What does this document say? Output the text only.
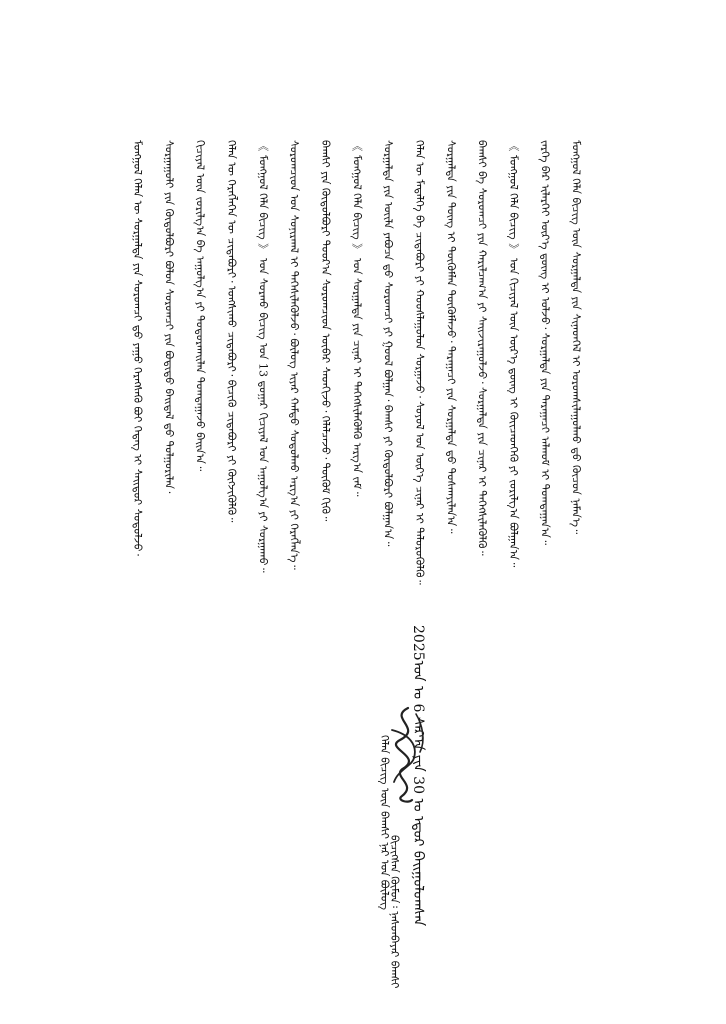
ᠮᠣᠩᠭᠣᠯ ᠬᠡᠯᠡᠨ ᠦ ᠰᠤᠷᠭᠠᠯᠲᠠ ᠶᠢᠨ ᠰᠤᠷᠤᠭᠴᠢ ᠳ᠋ᠤ ᠶᠠᠭᠤ ᠬᠡᠷᠡᠭᠰᠡᠬᠦ ᠪᠤᠢ ᠭᠡᠳᠡᠭ ᠢ ᠰᠠᠢᠲᠤᠷ ᠰᠤᠳᠤᠯᠵᠤ᠂ ᠰᠤᠷᠭᠠᠭᠤᠯᠢ ᠶᠢᠨ ᠬᠥᠲᠥᠯᠪᠦᠷᠢ ᠪᠣᠯᠤᠨ ᠰᠤᠷᠤᠭᠴᠢ ᠶᠢᠨ ᠪᠣᠳᠢᠲᠤ ᠪᠠᠢᠳᠠᠯ ᠳ᠋ᠤ ᠲᠤᠯᠭᠤᠷᠢᠯᠠᠨ᠂ ᠬᠢᠴᠢᠶᠡᠯ ᠦᠨ ᠵᠣᠷᠢᠯᠭ᠎ᠠ ᠪᠠ ᠠᠭᠤᠯᠭ᠎ᠠ ᠶᠢ ᠲᠣᠳᠤᠷᠬᠠᠢᠯᠠᠨ ᠲᠣᠭᠲᠠᠭᠠᠵᠤ ᠪᠠᠢᠨ᠎ᠠ᠃ ᠬᠡᠯᠡᠨ ᠦ ᠬᠡᠷᠡᠭᠯᠡᠭᠡᠨ ᠦ ᠴᠢᠳᠠᠪᠤᠷᠢ᠂ ᠤᠩᠰᠢᠬᠤ ᠴᠢᠳᠠᠪᠤᠷᠢ᠂ ᠪᠢᠴᠢᠬᠦ ᠴᠢᠳᠠᠪᠤᠷᠢ ᠶᠢ ᠬᠥᠭᠵᠢᠭᠦᠯᠬᠦ᠃ 《 ᠮᠣᠩᠭᠣᠯ ᠬᠡᠯᠡ ᠪᠢᠴᠢᠭ 》 ᠤᠨ ᠰᠤᠷᠬᠤ ᠪᠢᠴᠢᠭ ᠤᠨ 13 ᠳ᠋ᠤᠭᠠᠷ ᠬᠢᠴᠢᠶᠡᠯ ᠤᠨ ᠠᠭᠤᠯᠭ᠎ᠠ ᠶᠢ ᠰᠤᠷᠭᠠᠬᠤ᠃ ᠰᠤᠷᠤᠭᠴᠢᠳ ᠤᠨ ᠰᠣᠨᠢᠷᠬᠠᠯ ᠢ ᠳᠡᠭᠡᠰᠢᠯᠡᠭᠦᠯᠵᠦ᠂ ᠪᠦᠯᠦᠭ ᠢᠶᠡᠷ ᠬᠠᠮᠲᠤ ᠰᠤᠳᠤᠯᠬᠤ ᠠᠷᠭ᠎ᠠ ᠶᠢ ᠬᠡᠷᠡᠭᠯᠡᠨ᠎ᠡ᠃ ᠪᠠᠭᠰᠢ ᠶᠢᠨ ᠬᠥᠲᠥᠯᠪᠦᠷᠢ ᠳᠣᠣᠷ᠎ᠠ ᠰᠤᠷᠤᠭᠴᠢᠳ ᠥᠪᠡᠷ ᠰᠡᠳᠬᠢᠵᠦ᠂ ᠬᠡᠯᠡᠯᠴᠡᠵᠦ᠂ ᠳᠦᠭᠦᠮ ᠬᠢᠬᠦ᠃ 《 ᠮᠣᠩᠭᠣᠯ ᠬᠡᠯᠡ ᠪᠢᠴᠢᠭ 》 ᠤᠨ ᠰᠤᠷᠭᠠᠯᠲᠠ ᠶᠢᠨ ᠴᠢᠨᠠᠷ ᠢ ᠳᠡᠭᠡᠭᠰᠢᠯᠡᠭᠦᠯᠬᠦ ᠠᠷᠭ᠎ᠠ ᠵᠠᠮ᠃ ᠰᠤᠷᠭᠠᠯᠲᠠ ᠶᠢᠨ ᠦᠢᠯᠡ ᠶᠠᠪᠤᠴᠠ ᠳ᠋ᠤ ᠰᠤᠷᠤᠭᠴᠢ ᠶᠢ ᠭᠣᠣᠯ ᠪᠣᠯᠭᠠᠨ᠂ ᠪᠠᠭᠰᠢ ᠶᠢ ᠬᠥᠲᠥᠯᠪᠦᠷᠢ ᠪᠣᠯᠭᠠᠨ᠎ᠠ᠃ ᠬᠡᠯᠡᠨ ᠦ ᠮᠡᠳᠡᠯᠭᠡ ᠪᠠ ᠴᠢᠳᠠᠪᠤᠷᠢ ᠶᠢ ᠬᠣᠣᠰᠯᠠᠭᠤᠯᠤᠨ ᠰᠤᠷᠭᠠᠵᠤ᠂ ᠰᠤᠶᠤᠯ ᠤᠨ ᠦᠷ᠎ᠡ ᠴᠢᠨᠠᠷ ᠢ ᠲᠡᠯᠦᠷᠦᠭᠦᠯᠬᠦ᠃ ᠰᠤᠷᠭᠠᠯᠲᠠ ᠶᠢᠨ ᠳᠦᠩ ᠢ ᠳᠦᠭᠦᠮᠯᠡᠨ ᠳᠦᠭᠦᠮᠯᠡᠵᠦ᠂ ᠳᠠᠷᠠᠭᠠᠴᠢ ᠶᠢᠨ ᠰᠤᠷᠭᠠᠯᠲᠠ ᠳ᠋ᠤ ᠲᠤᠰᠬᠠᠶᠢᠯᠠᠨ᠎ᠠ᠃ ᠪᠠᠭᠰᠢ ᠪᠠ ᠰᠤᠷᠤᠭᠴᠢ ᠶᠢᠨ ᠬᠠᠷᠢᠯᠴᠠᠭ᠎ᠠ ᠶᠢ ᠰᠠᠢᠵᠢᠷᠠᠭᠤᠯᠵᠤ᠂ ᠰᠤᠷᠭᠠᠯᠲᠠ ᠶᠢᠨ ᠴᠢᠨᠠᠷ ᠢ ᠳᠡᠭᠡᠭᠰᠢᠯᠡᠭᠦᠯᠬᠦ᠃ 《 ᠮᠣᠩᠭᠣᠯ ᠬᠡᠯᠡ ᠪᠢᠴᠢᠭ 》 ᠤᠨ ᠬᠢᠴᠢᠶᠡᠯ ᠦᠨ ᠦᠷ᠎ᠡ ᠳ᠋ᠦᠩ ᠢ ᠭᠦᠢᠴᠡᠳᠬᠡᠬᠦ ᠶᠢ ᠵᠣᠷᠢᠯᠭ᠎ᠠ ᠪᠣᠯᠭᠠᠨ᠎ᠠ᠃ ᠵᠡᠷᠭᠡ ᠪᠡᠷ ᠢᠯᠡᠷᠬᠡᠢ ᠦᠷ᠎ᠡ ᠳ᠋ᠦᠩ ᠢ ᠣᠯᠵᠤ᠂ ᠰᠤᠷᠭᠠᠯᠲᠠ ᠶᠢᠨ ᠳᠠᠷᠠᠭᠠᠴᠢ ᠠᠯᠬᠤᠮ ᠢ ᠲᠣᠭᠲᠠᠭᠠᠨ᠎ᠠ᠃ ᠮᠣᠩᠭᠣᠯ ᠬᠡᠯᠡ ᠪᠢᠴᠢᠭ ᠦᠨ ᠰᠤᠷᠭᠠᠯᠲᠠ ᠶᠢᠨ ᠰᠢᠨᠡᠳᠬᠡᠯ ᠢ ᠤᠷᠤᠭᠰᠢᠯᠠᠭᠤᠯᠬᠤ ᠳ᠋ᠤ ᠬᠦᠴᠦᠨ ᠨᠡᠮᠡᠨ᠎ᠡ᠃
2025ᠣᠨ ᠤ 6 ᠰᠠᠷ᠎ᠠ ᠶᠢᠨ 30 ᠤ ᠡᠳᠦᠷ ᠪᠠᠢᠭᠤᠯᠤᠭᠰᠠᠨ
ᠪᠢᠴᠢᠭᠰᠡᠨ ᠬᠦᠮᠦᠨ᠄ ᠨᠠᠰᠤᠨᠪᠠᠶᠠᠷ ᠪᠠᠭᠰᠢ
ᠬᠡᠯᠡᠨ ᠪᠢᠴᠢᠭ ᠦᠨ ᠪᠠᠭᠰᠢ ᠨᠠᠷ ᠤᠨ ᠪᠦᠯᠦᠭ
